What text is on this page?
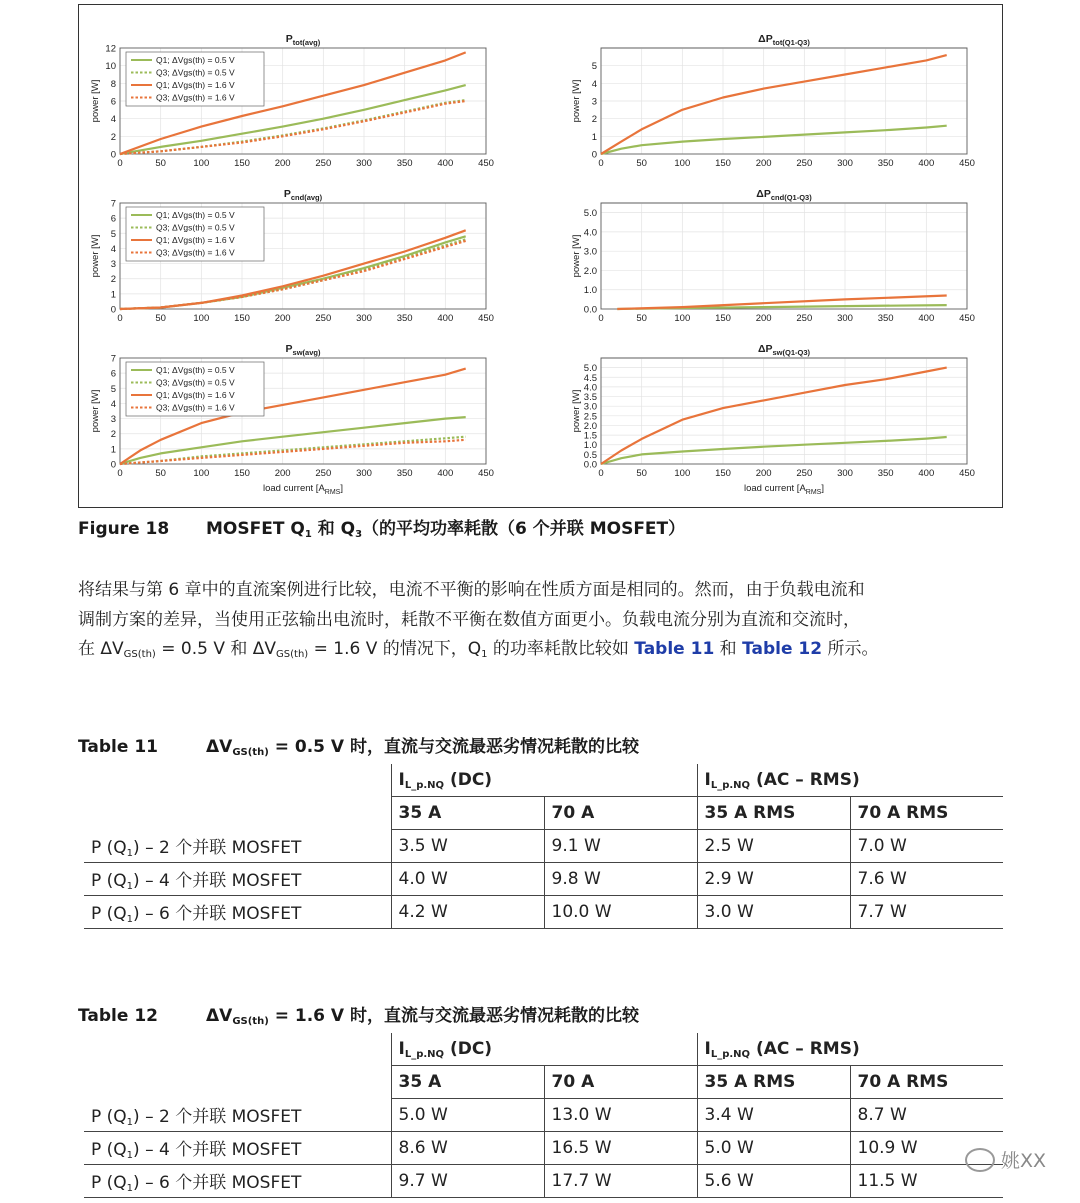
0	50	100	150	200	250	300	350	400	450
0
2
4
6
8
10
12
$P_{tot(avg)}$
power [W]
Q1; ΔVgs(th) = 0.5 V
Q3; ΔVgs(th) = 0.5 V
Q1; ΔVgs(th) = 1.6 V
Q3; ΔVgs(th) = 1.6 V
0	50	100	150	200	250	300	350	400	450
0
1
2
3
4
5
$\Delta P_{tot(Q1-Q3)}$
power [W]
0	50	100	150	200	250	300	350	400	450
0
1
2
3
4
5
6
7
$P_{cnd(avg)}$
power [W]
Q1; ΔVgs(th) = 0.5 V
Q3; ΔVgs(th) = 0.5 V
Q1; ΔVgs(th) = 1.6 V
Q3; ΔVgs(th) = 1.6 V
0	50	100	150	200	250	300	350	400	450
0.0
1.0
2.0
3.0
4.0
5.0
$\Delta P_{cnd(Q1-Q3)}$
power [W]
0	50	100	150	200	250	300	350	400	450
0
1
2
3
4
5
6
7
$P_{sw(avg)}$
power [W]
load current $[A_{RMS}]$
Q1; ΔVgs(th) = 0.5 V
Q3; ΔVgs(th) = 0.5 V
Q1; ΔVgs(th) = 1.6 V
Q3; ΔVgs(th) = 1.6 V
0	50	100	150	200	250	300	350	400	450
0.0
0.5
1.0
1.5
2.0
2.5
3.0
3.5
4.0
4.5
5.0
$\Delta P_{sw(Q1-Q3)}$
power [W]
load current $[A_{RMS}]$
Figure 18 MOSFET $Q_1$ 和 $Q_3$（的平均功率耗散（6 个并联 MOSFET）
将结果与第 6 章中的直流案例进行比较，电流不平衡的影响在性质方面是相同的。然而，由于负载电流和
调制方案的差异，当使用正弦输出电流时，耗散不平衡在数值方面更小。负载电流分别为直流和交流时，
在 $\Delta V_{GS(th)} = 0.5$ V 和 $\Delta V_{GS(th)} = 1.6$ V 的情况下，$Q_1$ 的功率耗散比较如 Table 11 和 Table 12 所示。
Table 11	$\Delta V_{GS(th)} = 0.5$ V 时，直流与交流最恶劣情况耗散的比较
	$I_{L\_p.NQ}$ (DC)		$I_{L\_p.NQ}$ (AC – RMS)	
	35 A	70 A	35 A RMS	70 A RMS
P $(Q_1) - 2$ 个并联 MOSFET	3.5 W	9.1 W	2.5 W	7.0 W
P $(Q_1) - 4$ 个并联 MOSFET	4.0 W	9.8 W	2.9 W	7.6 W
P $(Q_1) - 6$ 个并联 MOSFET	4.2 W	10.0 W	3.0 W	7.7 W
Table 12	$\Delta V_{GS(th)} = 1.6$ V 时，直流与交流最恶劣情况耗散的比较
	$I_{L\_p.NQ}$ (DC)		$I_{L\_p.NQ}$ (AC – RMS)	
	35 A	70 A	35 A RMS	70 A RMS
P $(Q_1) - 2$ 个并联 MOSFET	5.0 W	13.0 W	3.4 W	8.7 W
P $(Q_1) - 4$ 个并联 MOSFET	8.6 W	16.5 W	5.0 W	10.9 W
P $(Q_1) - 6$ 个并联 MOSFET	9.7 W	17.7 W	5.6 W	11.5 W
姚XX
